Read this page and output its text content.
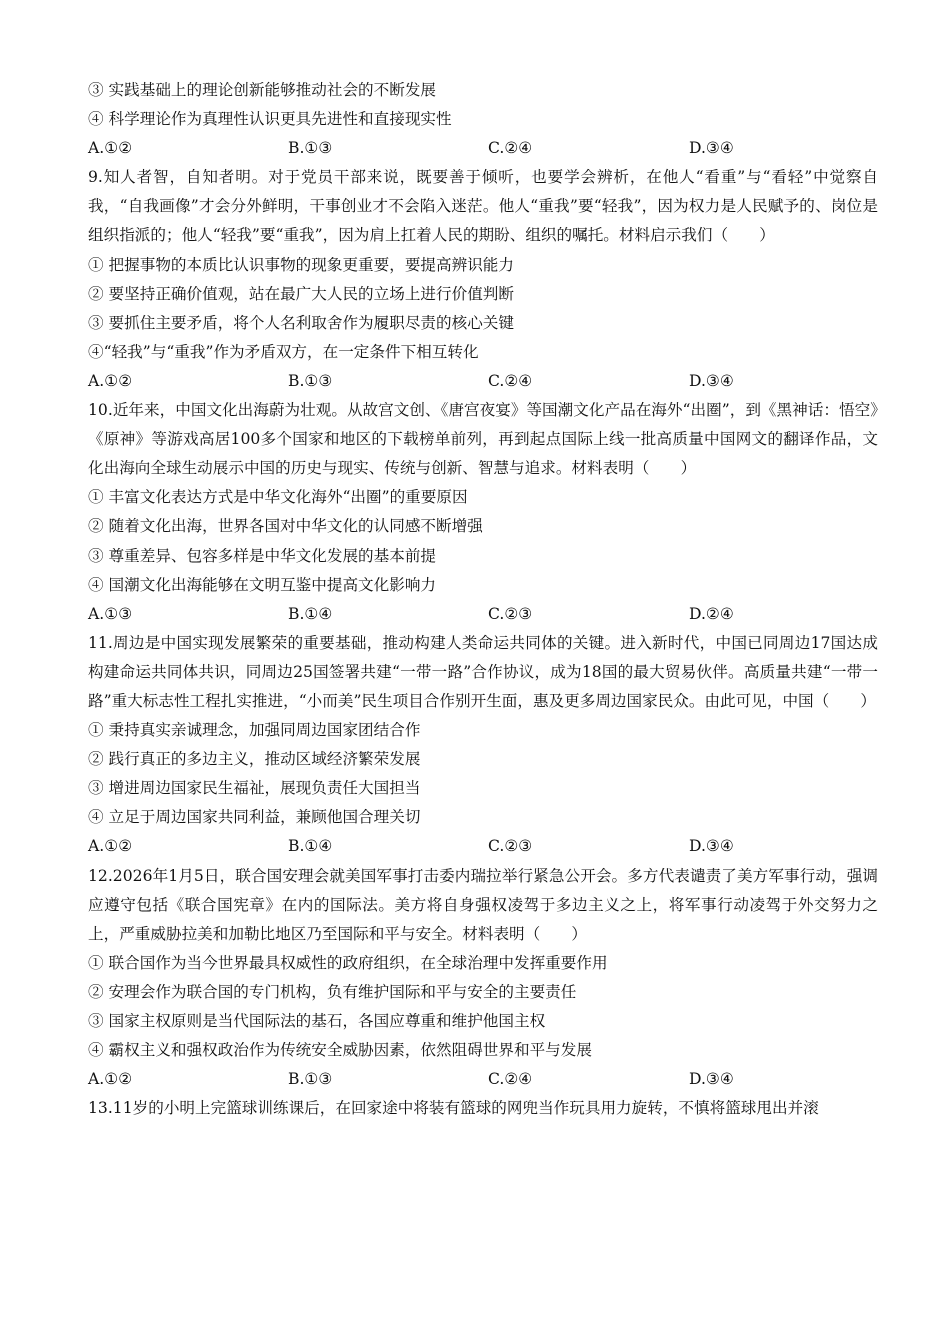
③ 实践基础上的理论创新能够推动社会的不断发展
④ 科学理论作为真理性认识更具先进性和直接现实性
A.①②	B.①③	C.②④	D.③④

9.知人者智，自知者明。对于党员干部来说，既要善于倾听，也要学会辨析，在他人“看重”与“看轻”中觉察自我，“自我画像”才会分外鲜明，干事创业才不会陷入迷茫。他人“重我”要“轻我”，因为权力是人民赋予的、岗位是组织指派的；他人“轻我”要“重我”，因为肩上扛着人民的期盼、组织的嘱托。材料启示我们（　　）

① 把握事物的本质比认识事物的现象更重要，要提高辨识能力
② 要坚持正确价值观，站在最广大人民的立场上进行价值判断
③ 要抓住主要矛盾，将个人名利取舍作为履职尽责的核心关键
④“轻我”与“重我”作为矛盾双方，在一定条件下相互转化
A.①②	B.①③	C.②④	D.③④

10.近年来，中国文化出海蔚为壮观。从故宫文创、《唐宫夜宴》等国潮文化产品在海外“出圈”，到《黑神话：悟空》《原神》等游戏高居100多个国家和地区的下载榜单前列，再到起点国际上线一批高质量中国网文的翻译作品，文化出海向全球生动展示中国的历史与现实、传统与创新、智慧与追求。材料表明（　　）

① 丰富文化表达方式是中华文化海外“出圈”的重要原因
② 随着文化出海，世界各国对中华文化的认同感不断增强
③ 尊重差异、包容多样是中华文化发展的基本前提
④ 国潮文化出海能够在文明互鉴中提高文化影响力
A.①③	B.①④	C.②③	D.②④

11.周边是中国实现发展繁荣的重要基础，推动构建人类命运共同体的关键。进入新时代，中国已同周边17国达成构建命运共同体共识，同周边25国签署共建“一带一路”合作协议，成为18国的最大贸易伙伴。高质量共建“一带一路”重大标志性工程扎实推进，“小而美”民生项目合作别开生面，惠及更多周边国家民众。由此可见，中国（　　）

① 秉持真实亲诚理念，加强同周边国家团结合作
② 践行真正的多边主义，推动区域经济繁荣发展
③ 增进周边国家民生福祉，展现负责任大国担当
④ 立足于周边国家共同利益，兼顾他国合理关切
A.①②	B.①④	C.②③	D.③④

12.2026年1月5日，联合国安理会就美国军事打击委内瑞拉举行紧急公开会。多方代表谴责了美方军事行动，强调应遵守包括《联合国宪章》在内的国际法。美方将自身强权凌驾于多边主义之上，将军事行动凌驾于外交努力之上，严重威胁拉美和加勒比地区乃至国际和平与安全。材料表明（　　）

① 联合国作为当今世界最具权威性的政府组织，在全球治理中发挥重要作用
② 安理会作为联合国的专门机构，负有维护国际和平与安全的主要责任
③ 国家主权原则是当代国际法的基石，各国应尊重和维护他国主权
④ 霸权主义和强权政治作为传统安全威胁因素，依然阻碍世界和平与发展
A.①②	B.①③	C.②④	D.③④
13.11岁的小明上完篮球训练课后，在回家途中将装有篮球的网兜当作玩具用力旋转，不慎将篮球甩出并滚
